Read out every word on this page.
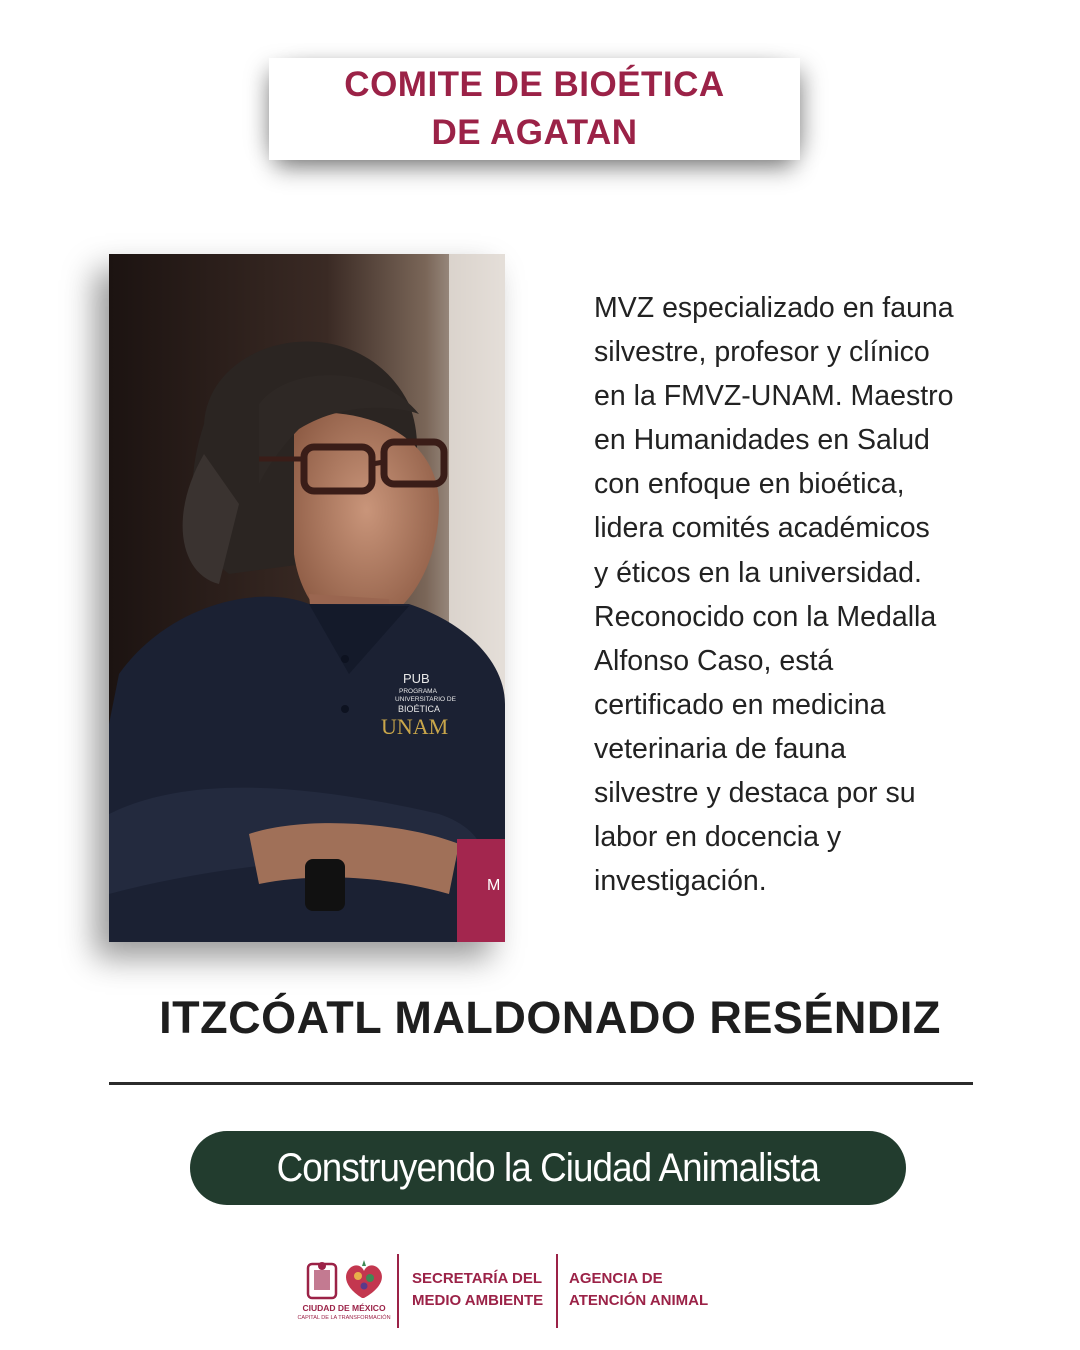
COMITE DE BIOÉTICA
DE AGATAN
M
PUB
PROGRAMA
UNIVERSITARIO DE
BIOÉTICA
UNAM
MVZ especializado en fauna
silvestre, profesor y clínico
en la FMVZ-UNAM. Maestro
en Humanidades en Salud
con enfoque en bioética,
lidera comités académicos
y éticos en la universidad.
Reconocido con la Medalla
Alfonso Caso, está
certificado en medicina
veterinaria de fauna
silvestre y destaca por su
labor en docencia y
investigación.
ITZCÓATL MALDONADO RESÉNDIZ
Construyendo la Ciudad Animalista
CIUDAD DE MÉXICO
CAPITAL DE LA TRANSFORMACIÓN
SECRETARÍA DEL
MEDIO AMBIENTE
AGENCIA DE
ATENCIÓN ANIMAL
